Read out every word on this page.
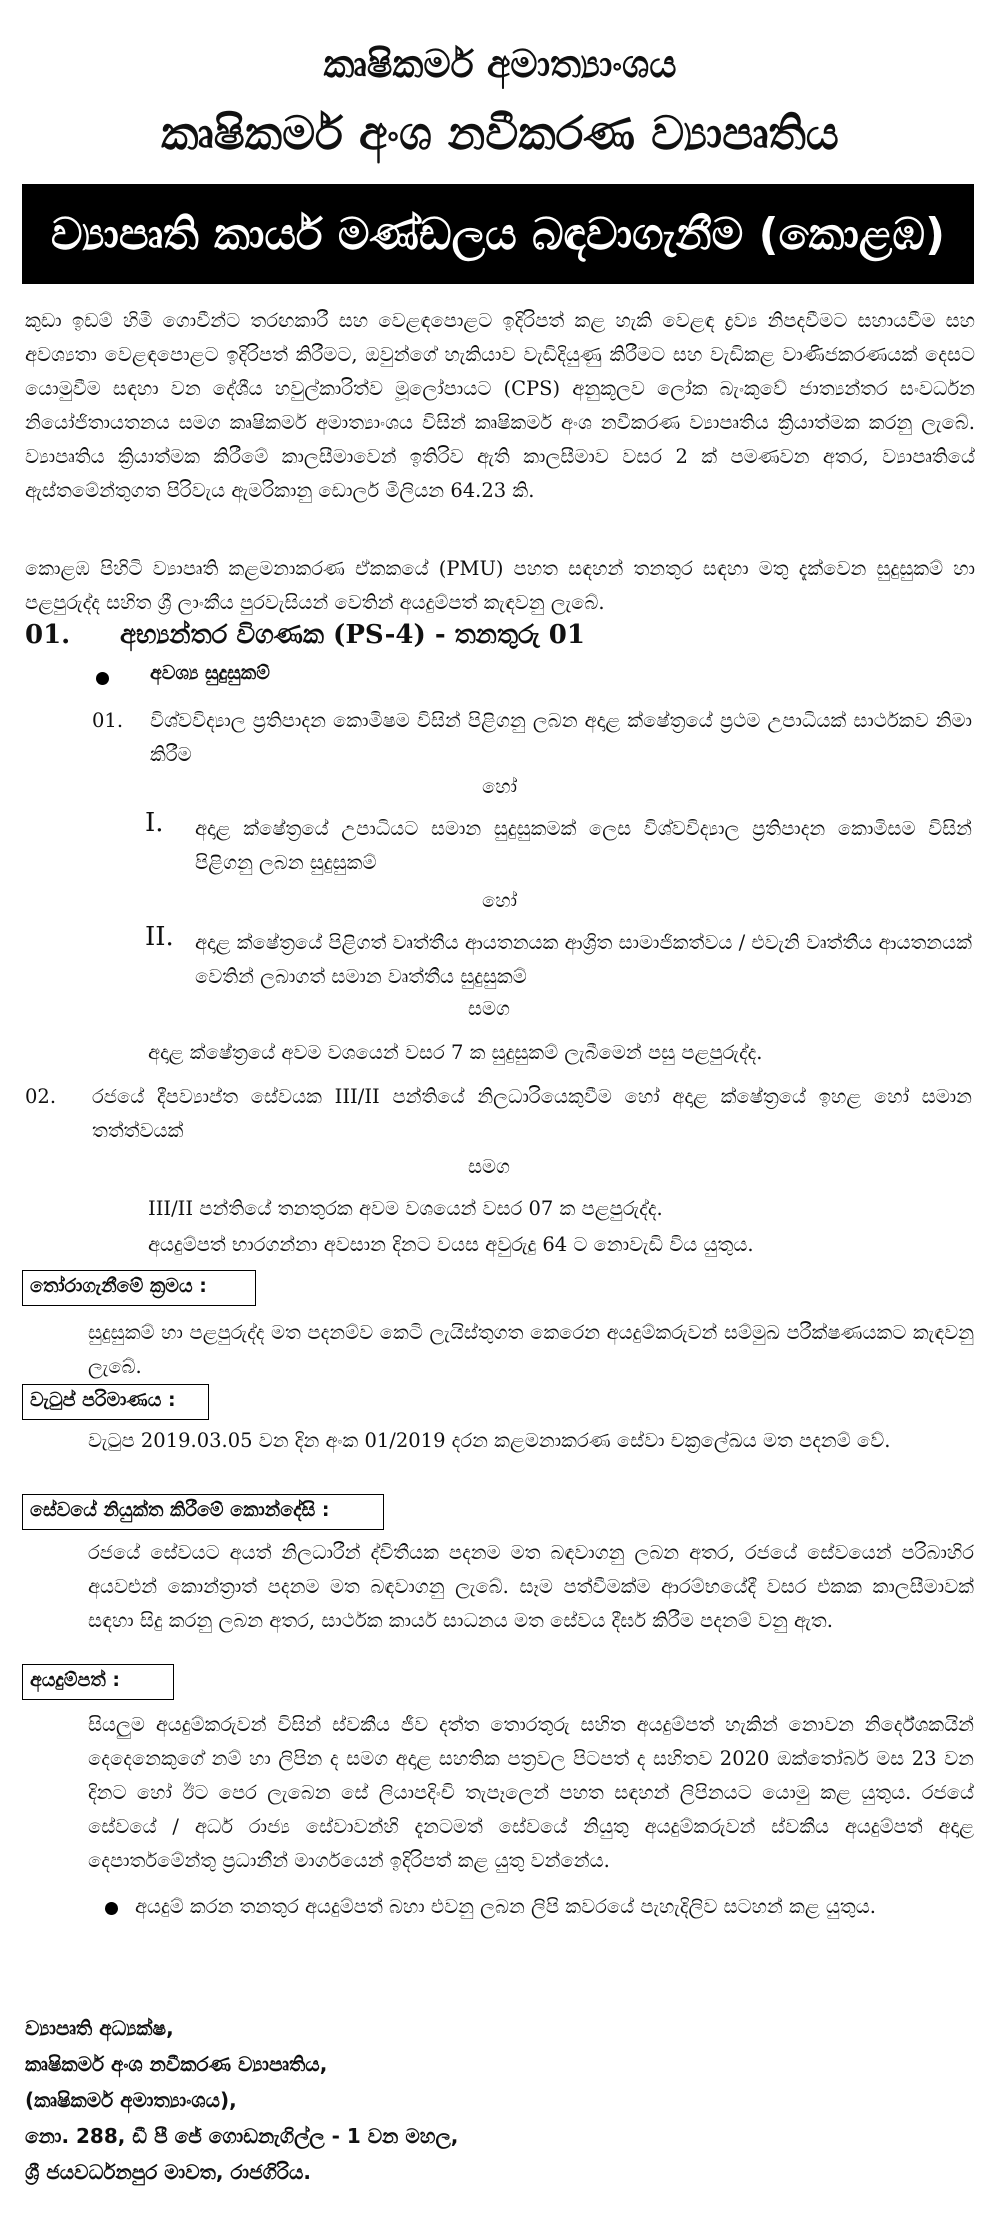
කෘෂිකර්ම අමාත්‍යාංශය
කෘෂිකර්ම අංශ නවීකරණ ව්‍යාපෘතිය
ව්‍යාපෘති කාර්ය මණ්ඩලය බඳවාගැනීම (කොළඹ)
කුඩා ඉඩම් හිමි ගොවීන්ට තරඟකාරී සහ වෙළඳපොළට ඉදිරිපත් කළ හැකි වෙළඳ ද්‍රව්‍ය නිපදවීමට සහායවීම සහ අවශ්‍යතා වෙළඳපොළට ඉදිරිපත් කිරීමට, ඔවුන්ගේ හැකියාව වැඩිදියුණු කිරීමට සහ වැඩිකළ වාණිජකරණයක් දෙසට යොමුවීම සඳහා වන දේශීය හවුල්කාරිත්ව මූලෝපායට (CPS) අනුකූලව ලෝක බැංකුවේ ජාත්‍යන්තර සංවර්ධන නියෝජිතායතනය සමග කෘෂිකර්ම අමාත්‍යාංශය විසින් කෘෂිකර්ම අංශ නවීකරණ ව්‍යාපෘතිය ක්‍රියාත්මක කරනු ලැබේ. ව්‍යාපෘතිය ක්‍රියාත්මක කිරීමේ කාලසීමාවෙන් ඉතිරිව ඇති කාලසීමාව වසර 2 ක් පමණවන අතර, ව්‍යාපෘතියේ ඇස්තමේන්තුගත පිරිවැය ඇමරිකානු ඩොලර් මිලියන 64.23 කි.
කොළඹ පිහිටි ව්‍යාපෘති කළමනාකරණ ඒකකයේ (PMU) පහත සඳහන් තනතුර සඳහා මතු දැක්වෙන සුදුසුකම් හා පළපුරුද්ද සහිත ශ්‍රී ලාංකීය පුරවැසියන් වෙතින් අයදුම්පත් කැඳවනු ලැබේ.
01. අභ්‍යන්තර විගණක (PS-4) - තනතුරු 01
අවශ්‍ය සුදුසුකම්
01. විශ්වවිද්‍යාල ප්‍රතිපාදන කොමිෂම විසින් පිළිගනු ලබන අදාළ ක්ෂේත්‍රයේ ප්‍රථම උපාධියක් සාර්ථකව නිමා කිරීම
හෝ
I. අදාළ ක්ෂේත්‍රයේ උපාධියට සමාන සුදුසුකමක් ලෙස විශ්වවිද්‍යාල ප්‍රතිපාදන කොමිසම විසින් පිළිගනු ලබන සුදුසුකම්
හෝ
II. අදාළ ක්ෂේත්‍රයේ පිළිගත් වෘත්තීය ආයතනයක ආශ්‍රිත සාමාජිකත්වය / එවැනි වෘත්තීය ආයතනයක් වෙතින් ලබාගත් සමාන වෘත්තීය සුදුසුකම්
සමග
අදාළ ක්ෂේත්‍රයේ අවම වශයෙන් වසර 7 ක සුදුසුකම් ලැබීමෙන් පසු පළපුරුද්ද.
02. රජයේ දීපව්‍යාප්ත සේවයක III/II පන්තියේ නිලධාරියෙකුවීම හෝ අදාළ ක්ෂේත්‍රයේ ඉහළ හෝ සමාන තත්ත්වයක්
සමග
III/II පන්තියේ තනතුරක අවම වශයෙන් වසර 07 ක පළපුරුද්ද.
අයදුම්පත් භාරගන්නා අවසාන දිනට වයස අවුරුදු 64 ට නොවැඩි විය යුතුය.
තෝරාගැනීමේ ක්‍රමය :
සුදුසුකම් හා පළපුරුද්ද මත පදනම්ව කෙටි ලැයිස්තුගත කෙරෙන අයදුම්කරුවන් සම්මුඛ පරීක්ෂණයකට කැඳවනු ලැබේ.
වැටුප් පරිමාණය :
වැටුප 2019.03.05 වන දින අංක 01/2019 දරන කළමනාකරණ සේවා චක්‍රලේඛය මත පදනම් වේ.
සේවයේ නියුක්ත කිරීමේ කොන්දේසි :
රජයේ සේවයට අයත් නිලධාරීන් ද්විතීයක පදනම මත බඳවාගනු ලබන අතර, රජයේ සේවයෙන් පරිබාහිර අයවළුන් කොන්ත්‍රාත් පදනම මත බඳවාගනු ලැබේ. සෑම පත්වීමක්ම ආරම්භයේදී වසර එකක කාලසීමාවක් සඳහා සිදු කරනු ලබන අතර, සාර්ථක කාර්ය සාධනය මත සේවය දීර්ඝ කිරීම පදනම් වනු ඇත.
අයදුම්පත් :
සියලුම අයදුම්කරුවන් විසින් ස්වකීය ජීව දත්ත තොරතුරු සහිත අයදුම්පත් හැකින් නොවන නිර්දේශකයින් දෙදෙනෙකුගේ නම් හා ලිපින ද සමග අදාළ සහතික පත්‍රවල පිටපත් ද සහිතව 2020 ඔක්තෝබර් මස 23 වන දිනට හෝ ඊට පෙර ලැබෙන සේ ලියාපදිංචි තැපෑලෙන් පහත සඳහන් ලිපිනයට යොමු කළ යුතුය. රජයේ සේවයේ / අර්ධ රාජ්‍ය සේවාවන්හි දැනටමත් සේවයේ නියුතු අයදුම්කරුවන් ස්වකීය අයදුම්පත් අදාළ දෙපාර්තමේන්තු ප්‍රධානීන් මාර්ගයෙන් ඉදිරිපත් කළ යුතු වන්නේය.
අයදුම් කරන තනතුර අයදුම්පත් බහා එවනු ලබන ලිපි කවරයේ පැහැදිලිව සටහන් කළ යුතුය.
ව්‍යාපෘති අධ්‍යක්ෂ,
කෘෂිකර්ම අංශ නවීකරණ ව්‍යාපෘතිය,
(කෘෂිකර්ම අමාත්‍යාංශය),
නො. 288, ඩී පී ජේ ගොඩනැගිල්ල - 1 වන මහල,
ශ්‍රී ජයවර්ධනපුර මාවත, රාජගිරිය.
